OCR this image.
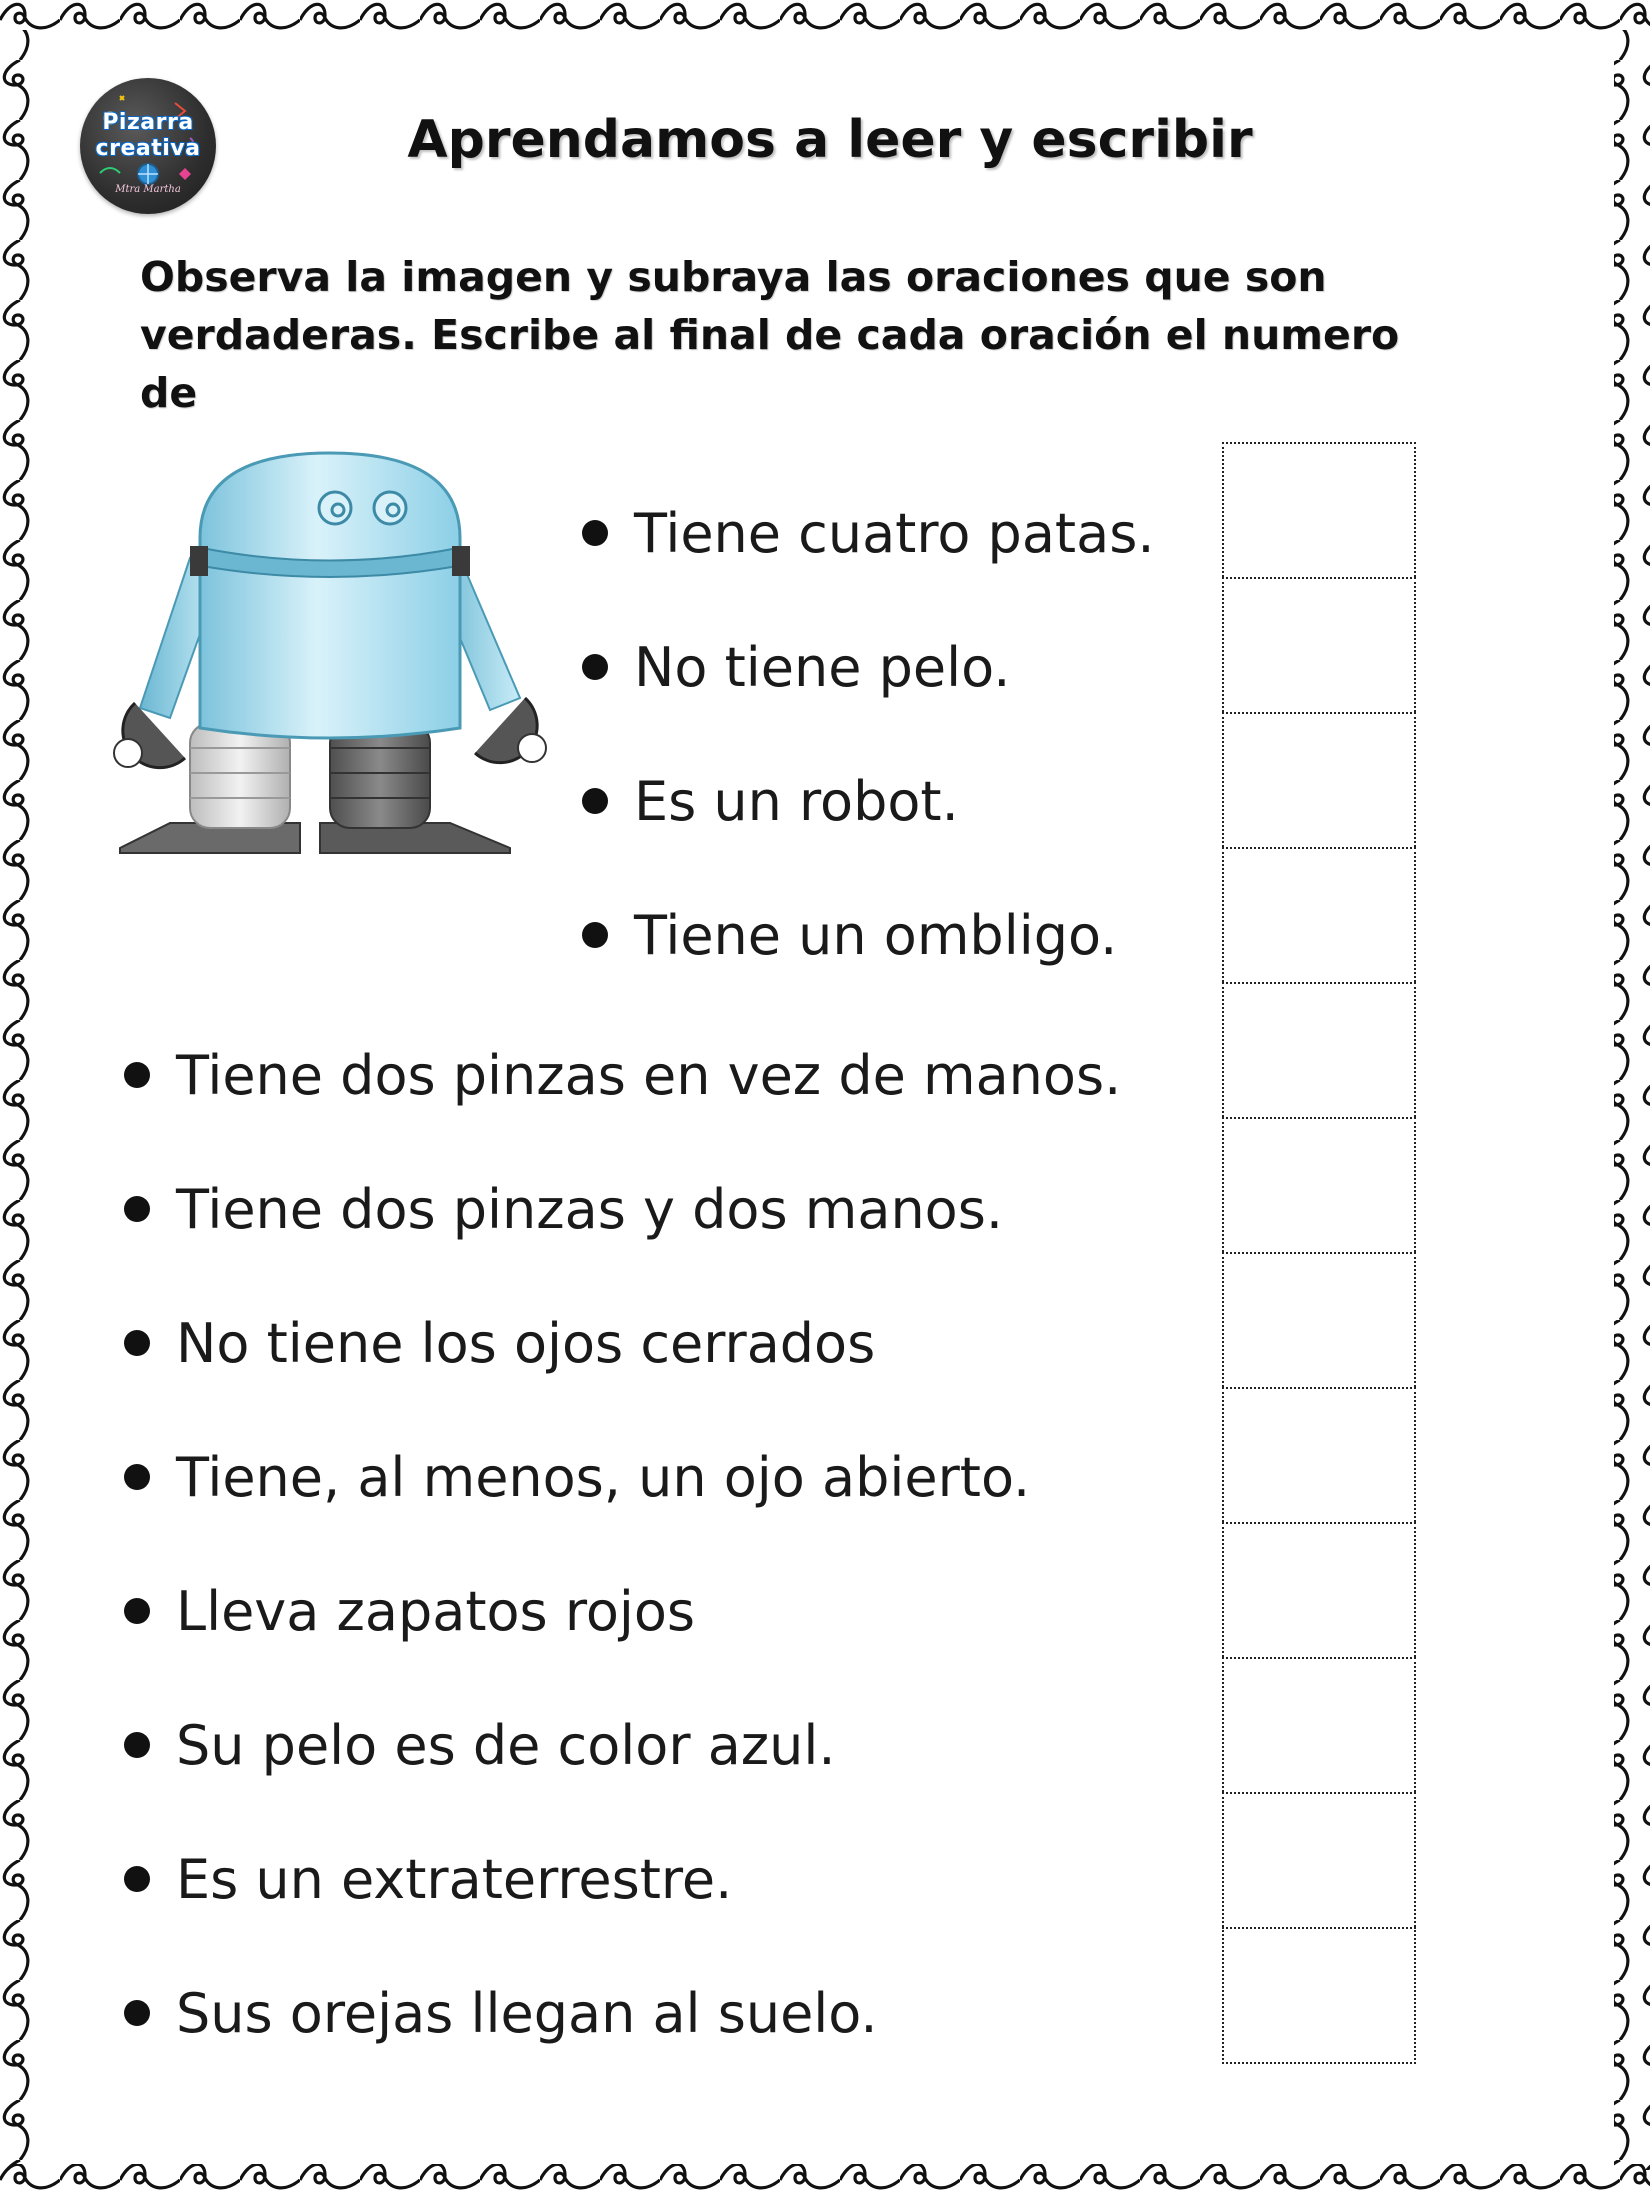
Pizarra
creativa
Mtra Martha
Aprendamos a leer y escribir

Observa la imagen y subraya las oraciones que son verdaderas. Escribe al final de cada oración el numero de

Tiene cuatro patas.
No tiene pelo.
Es un robot.
Tiene un ombligo.
Tiene dos pinzas en vez de manos.
Tiene dos pinzas y dos manos.
No tiene los ojos cerrados
Tiene, al menos, un ojo abierto.
Lleva zapatos rojos
Su pelo es de color azul.
Es un extraterrestre.
Sus orejas llegan al suelo.
